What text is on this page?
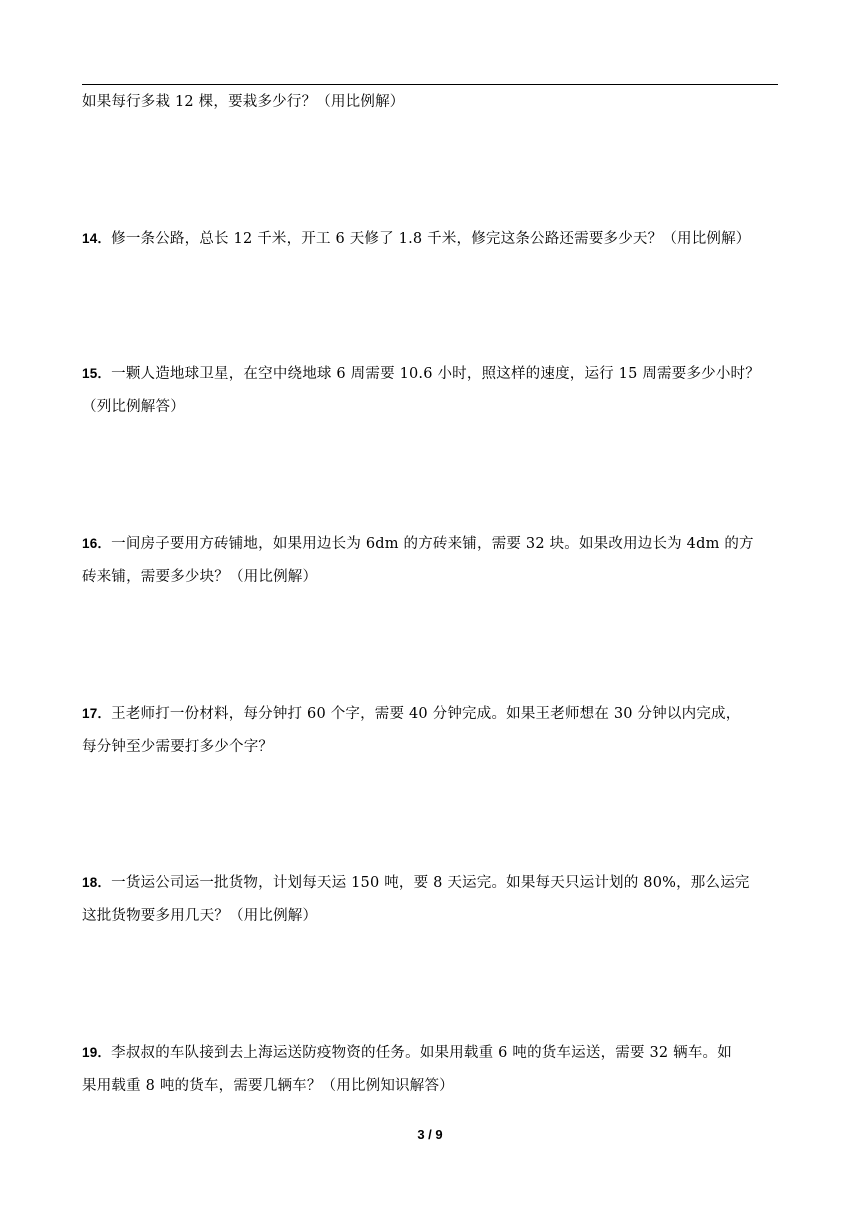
如果每行多栽 12 棵，要栽多少行？（用比例解）
14．修一条公路，总长 12 千米，开工 6 天修了 1.8 千米，修完这条公路还需要多少天？（用比例解）
15．一颗人造地球卫星，在空中绕地球 6 周需要 10.6 小时，照这样的速度，运行 15 周需要多少小时？
（列比例解答）
16．一间房子要用方砖铺地，如果用边长为 6dm 的方砖来铺，需要 32 块。如果改用边长为 4dm 的方
砖来铺，需要多少块？（用比例解）
17．王老师打一份材料，每分钟打 60 个字，需要 40 分钟完成。如果王老师想在 30 分钟以内完成，
每分钟至少需要打多少个字？
18．一货运公司运一批货物，计划每天运 150 吨，要 8 天运完。如果每天只运计划的 80%，那么运完
这批货物要多用几天？（用比例解）
19．李叔叔的车队接到去上海运送防疫物资的任务。如果用载重 6 吨的货车运送，需要 32 辆车。如
果用载重 8 吨的货车，需要几辆车？（用比例知识解答）
3 / 9
